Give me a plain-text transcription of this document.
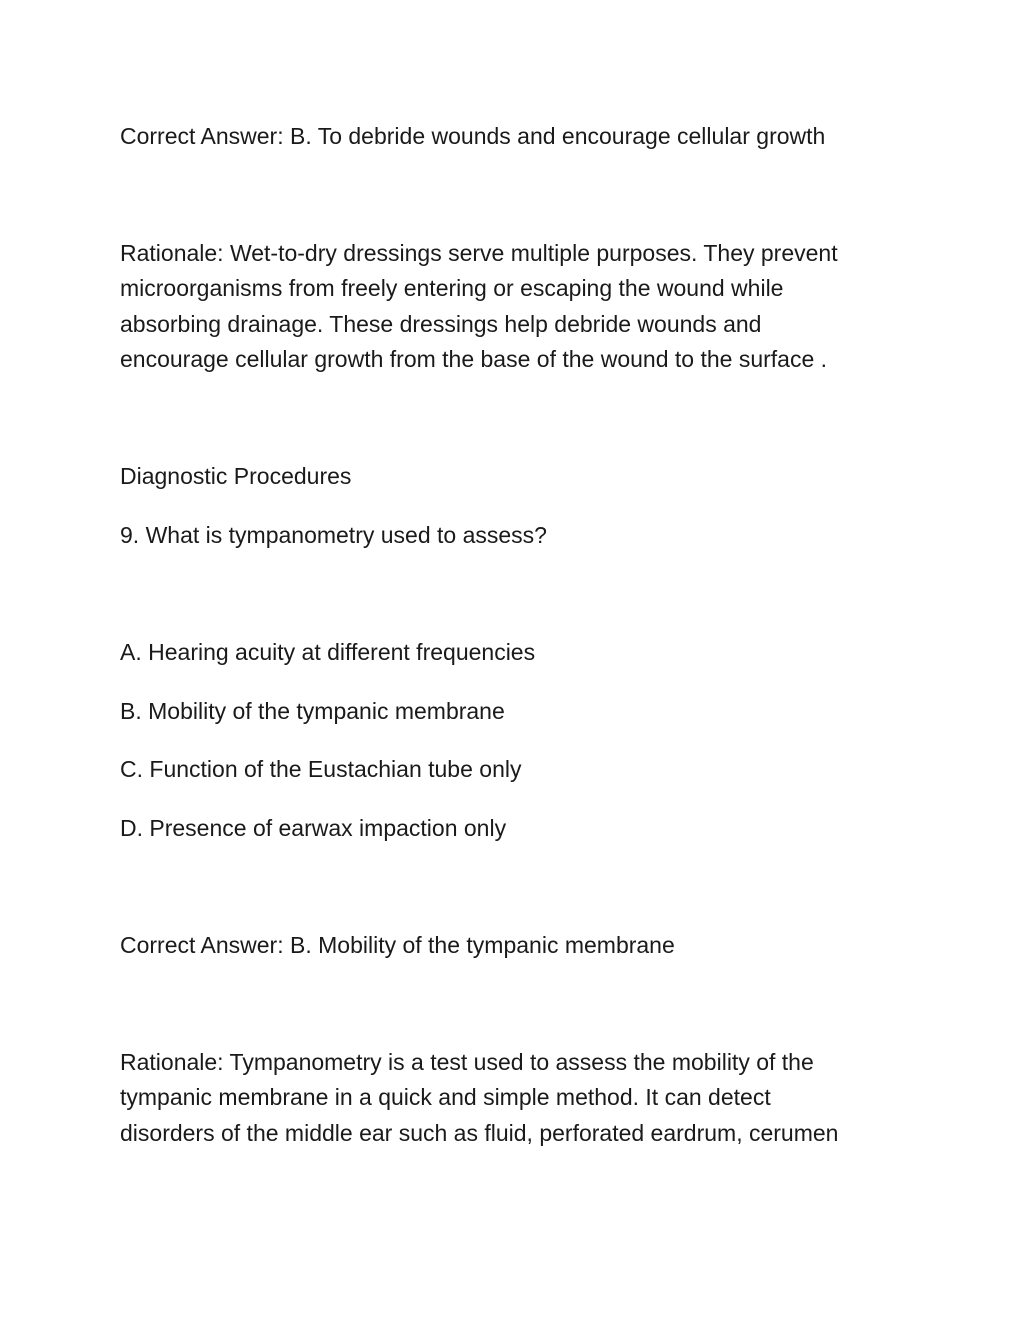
Correct Answer: B. To debride wounds and encourage cellular growth

Rationale: Wet-to-dry dressings serve multiple purposes. They prevent
microorganisms from freely entering or escaping the wound while
absorbing drainage. These dressings help debride wounds and
encourage cellular growth from the base of the wound to the surface .

Diagnostic Procedures

9. What is tympanometry used to assess?

A. Hearing acuity at different frequencies

B. Mobility of the tympanic membrane

C. Function of the Eustachian tube only

D. Presence of earwax impaction only

Correct Answer: B. Mobility of the tympanic membrane

Rationale: Tympanometry is a test used to assess the mobility of the
tympanic membrane in a quick and simple method. It can detect
disorders of the middle ear such as fluid, perforated eardrum, cerumen
